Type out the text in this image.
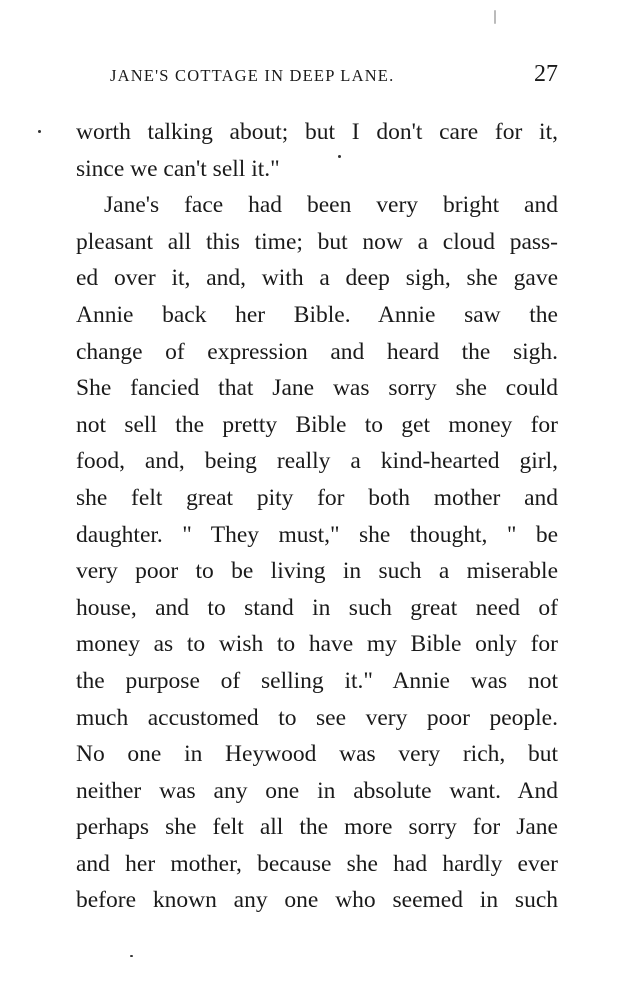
JANE'S COTTAGE IN DEEP LANE.	27
worth talking about; but I don't care for it,
since we can't sell it."
Jane's face had been very bright and
pleasant all this time; but now a cloud pass-
ed over it, and, with a deep sigh, she gave
Annie back her Bible. Annie saw the
change of expression and heard the sigh.
She fancied that Jane was sorry she could
not sell the pretty Bible to get money for
food, and, being really a kind-hearted girl,
she felt great pity for both mother and
daughter. " They must," she thought, " be
very poor to be living in such a miserable
house, and to stand in such great need of
money as to wish to have my Bible only for
the purpose of selling it." Annie was not
much accustomed to see very poor people.
No one in Heywood was very rich, but
neither was any one in absolute want. And
perhaps she felt all the more sorry for Jane
and her mother, because she had hardly ever
before known any one who seemed in such
